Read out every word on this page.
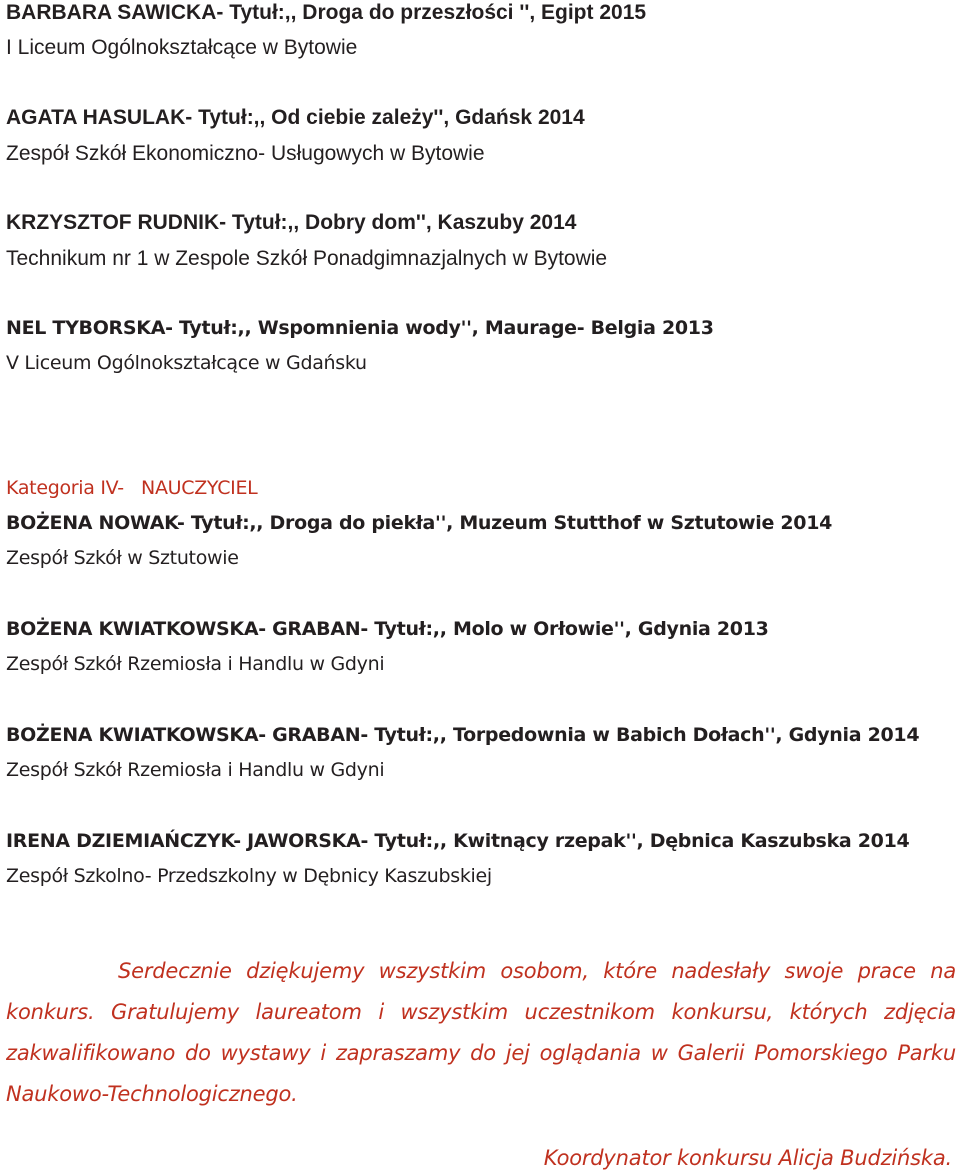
BARBARA SAWICKA- Tytuł:,, Droga do przeszłości '', Egipt 2015
I Liceum Ogólnokształcące w Bytowie
AGATA HASULAK- Tytuł:,, Od ciebie zależy'', Gdańsk 2014
Zespół Szkół Ekonomiczno- Usługowych w Bytowie
KRZYSZTOF RUDNIK- Tytuł:,, Dobry dom'', Kaszuby 2014
Technikum nr 1 w Zespole Szkół Ponadgimnazjalnych w Bytowie
NEL TYBORSKA- Tytuł:,, Wspomnienia wody'', Maurage- Belgia 2013
V Liceum Ogólnokształcące w Gdańsku
Kategoria IV-   NAUCZYCIEL
BOŻENA NOWAK- Tytuł:,, Droga do piekła'', Muzeum Stutthof w Sztutowie 2014
Zespół Szkół w Sztutowie
BOŻENA KWIATKOWSKA- GRABAN- Tytuł:,, Molo w Orłowie'', Gdynia 2013
Zespół Szkół Rzemiosła i Handlu w Gdyni
BOŻENA KWIATKOWSKA- GRABAN- Tytuł:,, Torpedownia w Babich Dołach'', Gdynia 2014
Zespół Szkół Rzemiosła i Handlu w Gdyni
IRENA DZIEMIAŃCZYK- JAWORSKA- Tytuł:,, Kwitnący rzepak'', Dębnica Kaszubska 2014
Zespół Szkolno- Przedszkolny w Dębnicy Kaszubskiej
Serdecznie dziękujemy wszystkim osobom, które nadesłały swoje prace na konkurs. Gratulujemy laureatom i wszystkim uczestnikom konkursu, których zdjęcia zakwalifikowano do wystawy i zapraszamy do jej oglądania w Galerii Pomorskiego Parku Naukowo-Technologicznego.
Koordynator konkursu Alicja Budzińska.
